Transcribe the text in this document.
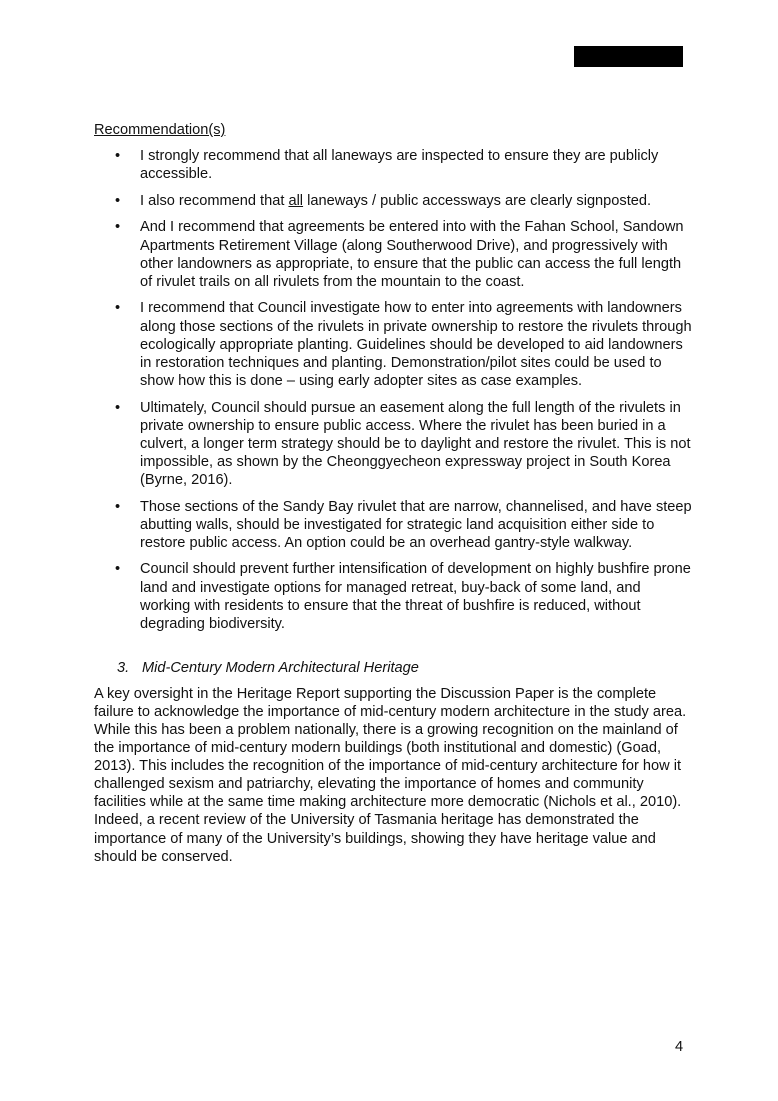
Recommendation(s)
• I strongly recommend that all laneways are inspected to ensure they are publicly accessible.
• I also recommend that all laneways / public accessways are clearly signposted.
• And I recommend that agreements be entered into with the Fahan School, Sandown Apartments Retirement Village (along Southerwood Drive), and progressively with other landowners as appropriate, to ensure that the public can access the full length of rivulet trails on all rivulets from the mountain to the coast.
• I recommend that Council investigate how to enter into agreements with landowners along those sections of the rivulets in private ownership to restore the rivulets through ecologically appropriate planting. Guidelines should be developed to aid landowners in restoration techniques and planting. Demonstration/pilot sites could be used to show how this is done – using early adopter sites as case examples.
• Ultimately, Council should pursue an easement along the full length of the rivulets in private ownership to ensure public access. Where the rivulet has been buried in a culvert, a longer term strategy should be to daylight and restore the rivulet. This is not impossible, as shown by the Cheonggyecheon expressway project in South Korea (Byrne, 2016).
• Those sections of the Sandy Bay rivulet that are narrow, channelised, and have steep abutting walls, should be investigated for strategic land acquisition either side to restore public access. An option could be an overhead gantry-style walkway.
• Council should prevent further intensification of development on highly bushfire prone land and investigate options for managed retreat, buy-back of some land, and working with residents to ensure that the threat of bushfire is reduced, without degrading biodiversity.
3. Mid-Century Modern Architectural Heritage
A key oversight in the Heritage Report supporting the Discussion Paper is the complete failure to acknowledge the importance of mid-century modern architecture in the study area. While this has been a problem nationally, there is a growing recognition on the mainland of the importance of mid-century modern buildings (both institutional and domestic) (Goad, 2013). This includes the recognition of the importance of mid-century architecture for how it challenged sexism and patriarchy, elevating the importance of homes and community facilities while at the same time making architecture more democratic (Nichols et al., 2010). Indeed, a recent review of the University of Tasmania heritage has demonstrated the importance of many of the University’s buildings, showing they have heritage value and should be conserved.
4
